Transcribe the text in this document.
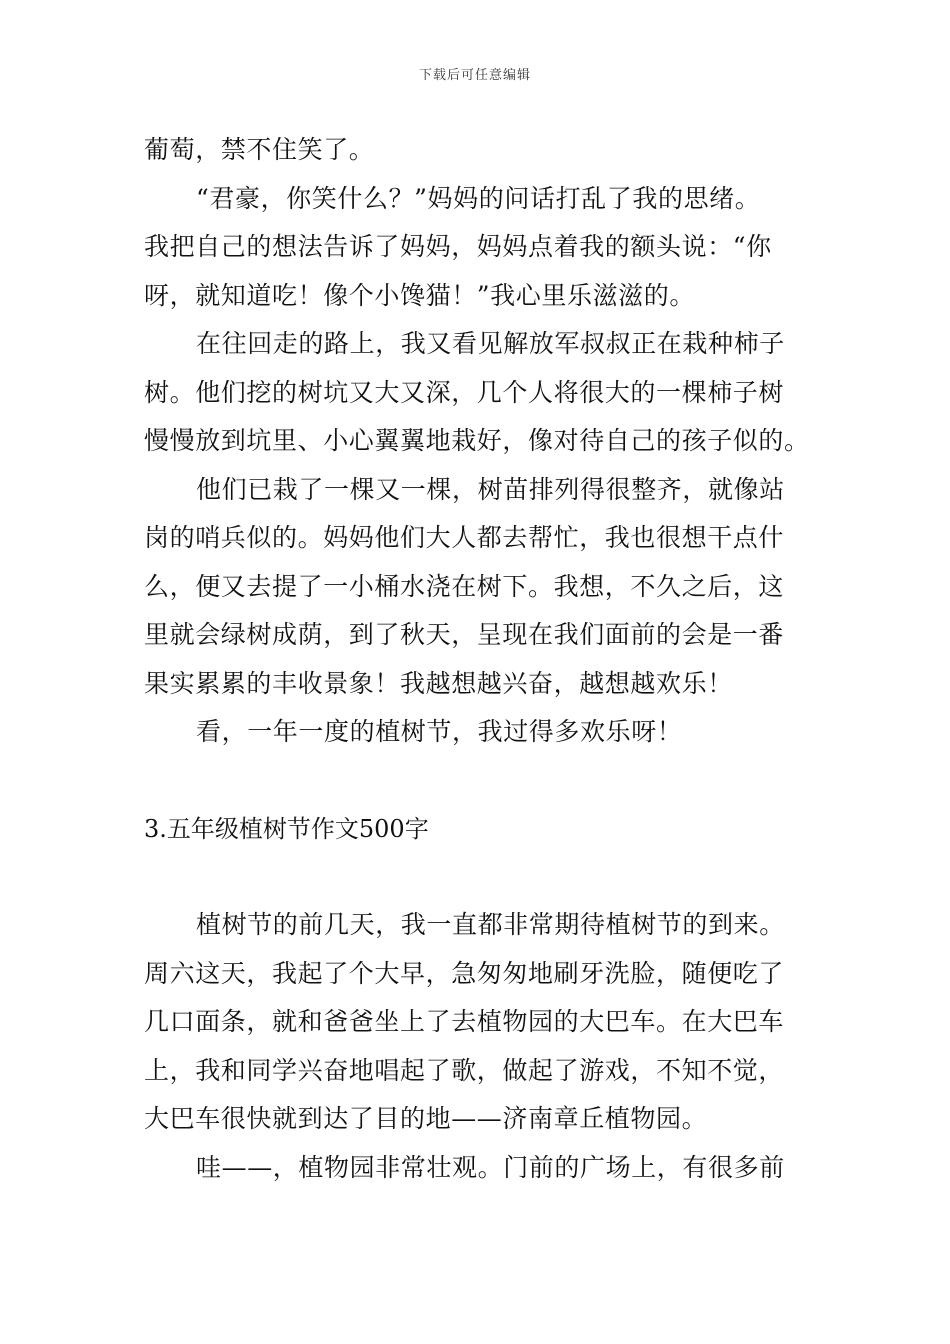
下载后可任意编辑
葡萄，禁不住笑了。
“君豪，你笑什么？”妈妈的问话打乱了我的思绪。
我把自己的想法告诉了妈妈，妈妈点着我的额头说：“你
呀，就知道吃！像个小馋猫！”我心里乐滋滋的。
在往回走的路上，我又看见解放军叔叔正在栽种柿子
树。他们挖的树坑又大又深，几个人将很大的一棵柿子树
慢慢放到坑里、小心翼翼地栽好，像对待自己的孩子似的。
他们已栽了一棵又一棵，树苗排列得很整齐，就像站
岗的哨兵似的。妈妈他们大人都去帮忙，我也很想干点什
么，便又去提了一小桶水浇在树下。我想，不久之后，这
里就会绿树成荫，到了秋天，呈现在我们面前的会是一番
果实累累的丰收景象！我越想越兴奋，越想越欢乐！
看，一年一度的植树节，我过得多欢乐呀！
3.五年级植树节作文500字
植树节的前几天，我一直都非常期待植树节的到来。
周六这天，我起了个大早，急匆匆地刷牙洗脸，随便吃了
几口面条，就和爸爸坐上了去植物园的大巴车。在大巴车
上，我和同学兴奋地唱起了歌，做起了游戏，不知不觉，
大巴车很快就到达了目的地——济南章丘植物园。
哇——，植物园非常壮观。门前的广场上，有很多前
